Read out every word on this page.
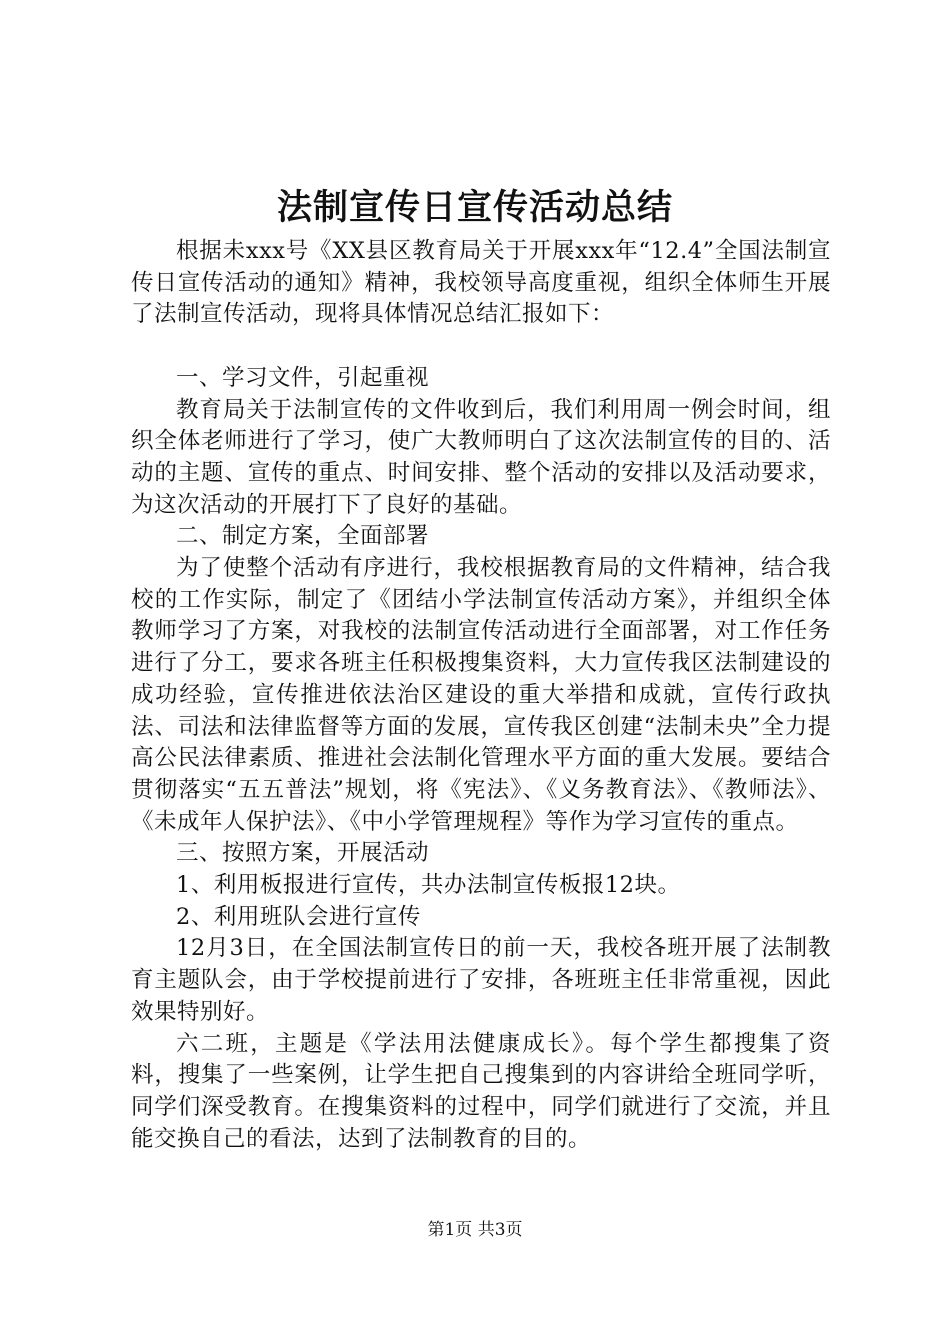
法制宣传日宣传活动总结

根据未xxx号《XX县区教育局关于开展xxx年“12.4”全国法制宣传日宣传活动的通知》精神，我校领导高度重视，组织全体师生开展了法制宣传活动，现将具体情况总结汇报如下：

一、学习文件，引起重视

教育局关于法制宣传的文件收到后，我们利用周一例会时间，组织全体老师进行了学习，使广大教师明白了这次法制宣传的目的、活动的主题、宣传的重点、时间安排、整个活动的安排以及活动要求，为这次活动的开展打下了良好的基础。

二、制定方案，全面部署

为了使整个活动有序进行，我校根据教育局的文件精神，结合我校的工作实际，制定了《团结小学法制宣传活动方案》，并组织全体教师学习了方案，对我校的法制宣传活动进行全面部署，对工作任务进行了分工，要求各班主任积极搜集资料，大力宣传我区法制建设的成功经验，宣传推进依法治区建设的重大举措和成就，宣传行政执法、司法和法律监督等方面的发展，宣传我区创建“法制未央”全力提高公民法律素质、推进社会法制化管理水平方面的重大发展。要结合贯彻落实“五五普法”规划，将《宪法》、《义务教育法》、《教师法》、《未成年人保护法》、《中小学管理规程》等作为学习宣传的重点。

三、按照方案，开展活动

1、利用板报进行宣传，共办法制宣传板报12块。

2、利用班队会进行宣传

12月3日，在全国法制宣传日的前一天，我校各班开展了法制教育主题队会，由于学校提前进行了安排，各班班主任非常重视，因此效果特别好。

六二班，主题是《学法用法健康成长》。每个学生都搜集了资料，搜集了一些案例，让学生把自己搜集到的内容讲给全班同学听，同学们深受教育。在搜集资料的过程中，同学们就进行了交流，并且能交换自己的看法，达到了法制教育的目的。

第1页 共3页
